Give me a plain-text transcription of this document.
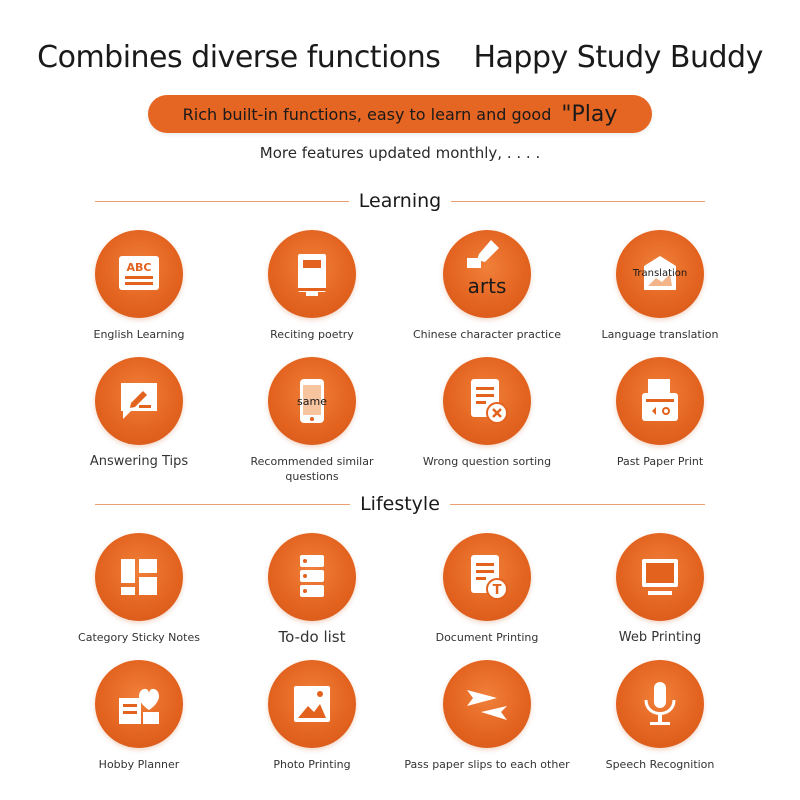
Combines diverse functions Happy Study Buddy
Rich built-in functions, easy to learn and good "Play
More features updated monthly, . . . .
Learning
Lifestyle
ABC
English Learning	Reciting poetry
arts
Chinese character practice
Translation
Language translation
Answering Tips
same
Recommended similar questions
Wrong question sorting	Past Paper Print
Category Sticky Notes	To-do list
T
Document Printing	Web Printing
Hobby Planner	Photo Printing	Pass paper slips to each other	Speech Recognition
